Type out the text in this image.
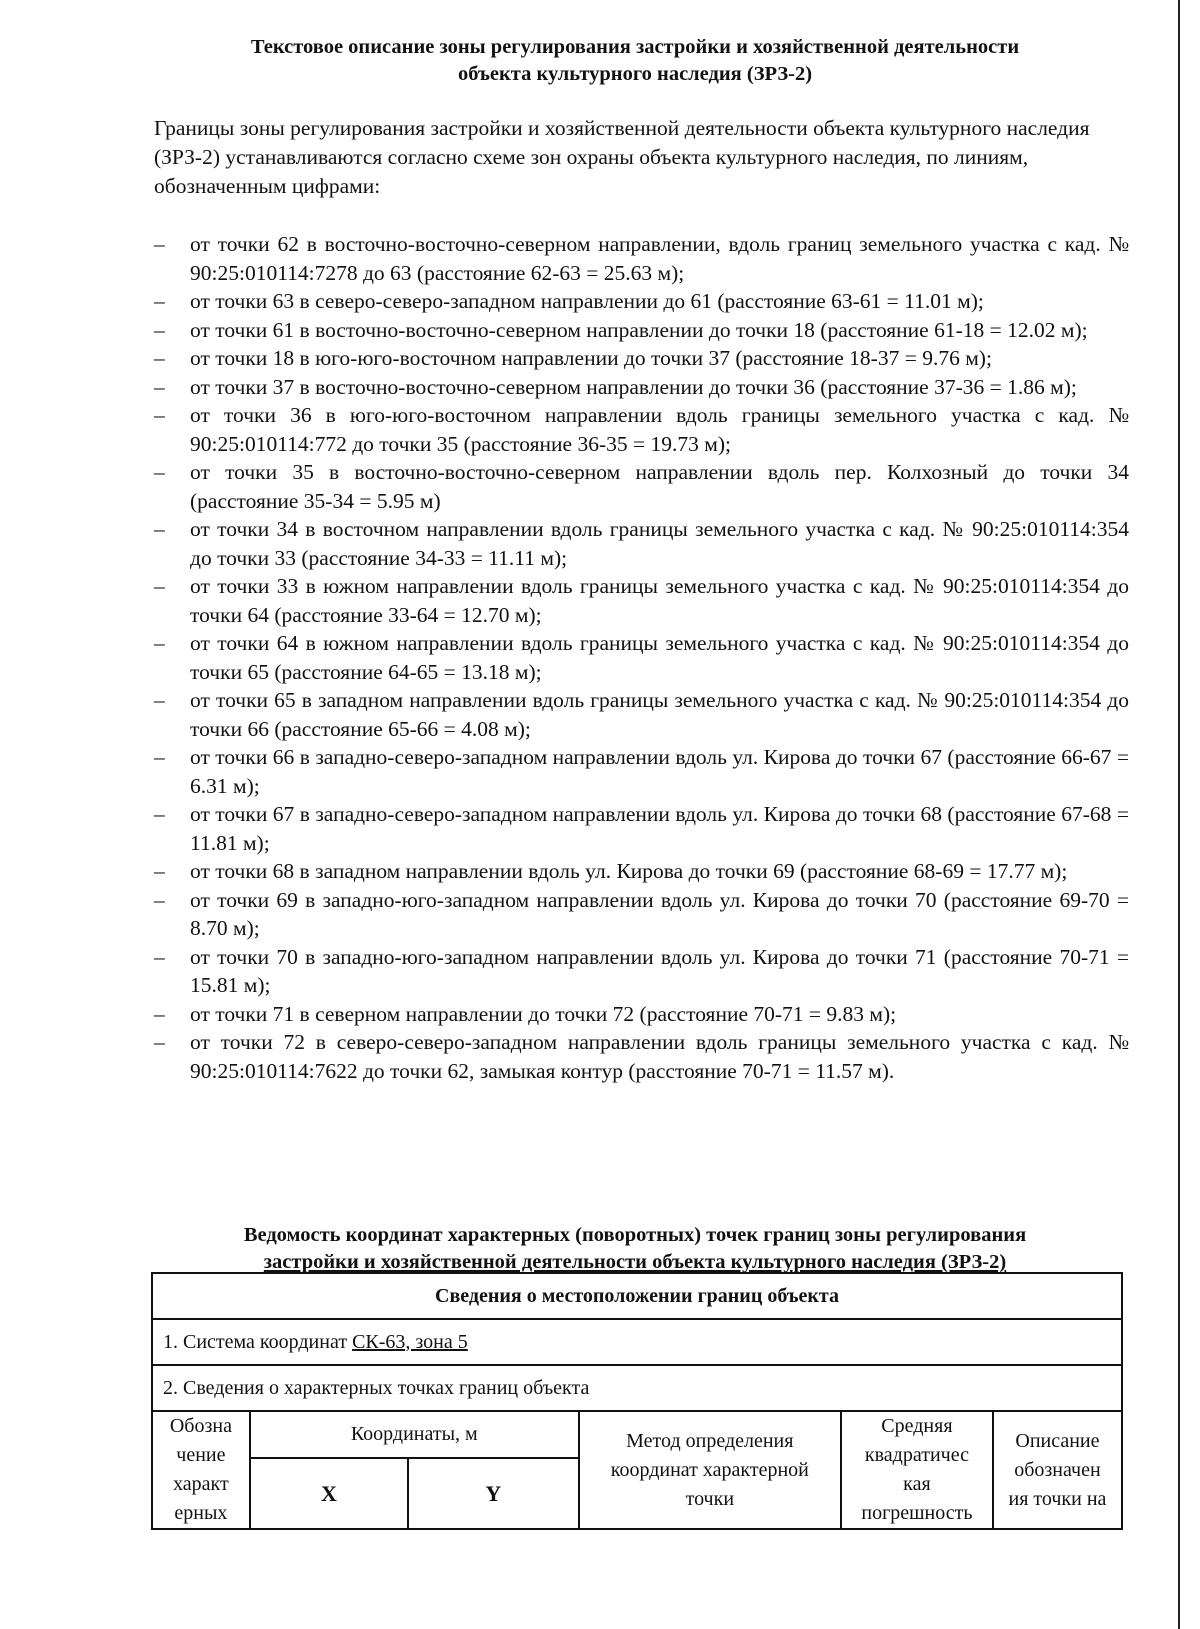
Текстовое описание зоны регулирования застройки и хозяйственной деятельности
объекта культурного наследия (ЗРЗ-2)
Границы зоны регулирования застройки и хозяйственной деятельности объекта культурного наследия (ЗРЗ-2) устанавливаются согласно схеме зон охраны объекта культурного наследия, по линиям, обозначенным цифрами:
– от точки 62 в восточно-восточно-северном направлении, вдоль границ земельного участка с кад. № 90:25:010114:7278 до 63 (расстояние 62-63 = 25.63 м);
– от точки 63 в северо-северо-западном направлении до 61 (расстояние 63-61 = 11.01 м);
– от точки 61 в восточно-восточно-северном направлении до точки 18 (расстояние 61-18 = 12.02 м);
– от точки 18 в юго-юго-восточном направлении до точки 37 (расстояние 18-37 = 9.76 м);
– от точки 37 в восточно-восточно-северном направлении до точки 36 (расстояние 37-36 = 1.86 м);
– от точки 36 в юго-юго-восточном направлении вдоль границы земельного участка с кад. № 90:25:010114:772 до точки 35 (расстояние 36-35 = 19.73 м);
– от точки 35 в восточно-восточно-северном направлении вдоль пер. Колхозный до точки 34 (расстояние 35-34 = 5.95 м)
– от точки 34 в восточном направлении вдоль границы земельного участка с кад. № 90:25:010114:354 до точки 33 (расстояние 34-33 = 11.11 м);
– от точки 33 в южном направлении вдоль границы земельного участка с кад. № 90:25:010114:354 до точки 64 (расстояние 33-64 = 12.70 м);
– от точки 64 в южном направлении вдоль границы земельного участка с кад. № 90:25:010114:354 до точки 65 (расстояние 64-65 = 13.18 м);
– от точки 65 в западном направлении вдоль границы земельного участка с кад. № 90:25:010114:354 до точки 66 (расстояние 65-66 = 4.08 м);
– от точки 66 в западно-северо-западном направлении вдоль ул. Кирова до точки 67 (расстояние 66-67 = 6.31 м);
– от точки 67 в западно-северо-западном направлении вдоль ул. Кирова до точки 68 (расстояние 67-68 = 11.81 м);
– от точки 68 в западном направлении вдоль ул. Кирова до точки 69 (расстояние 68-69 = 17.77 м);
– от точки 69 в западно-юго-западном направлении вдоль ул. Кирова до точки 70 (расстояние 69-70 = 8.70 м);
– от точки 70 в западно-юго-западном направлении вдоль ул. Кирова до точки 71 (расстояние 70-71 = 15.81 м);
– от точки 71 в северном направлении до точки 72 (расстояние 70-71 = 9.83 м);
– от точки 72 в северо-северо-западном направлении вдоль границы земельного участка с кад. № 90:25:010114:7622 до точки 62, замыкая контур (расстояние 70-71 = 11.57 м).
Ведомость координат характерных (поворотных) точек границ зоны регулирования
застройки и хозяйственной деятельности объекта культурного наследия (ЗРЗ-2)
Сведения о местоположении границ объекта					
1. Система координат СК-63, зона 5					
2. Сведения о характерных точках границ объекта					
Обозна чение характ ерных	Координаты, м		Метод определения координат характерной точки	Средняя квадратичес кая погрешность	Описание обозначен ия точки на
	X	Y			
